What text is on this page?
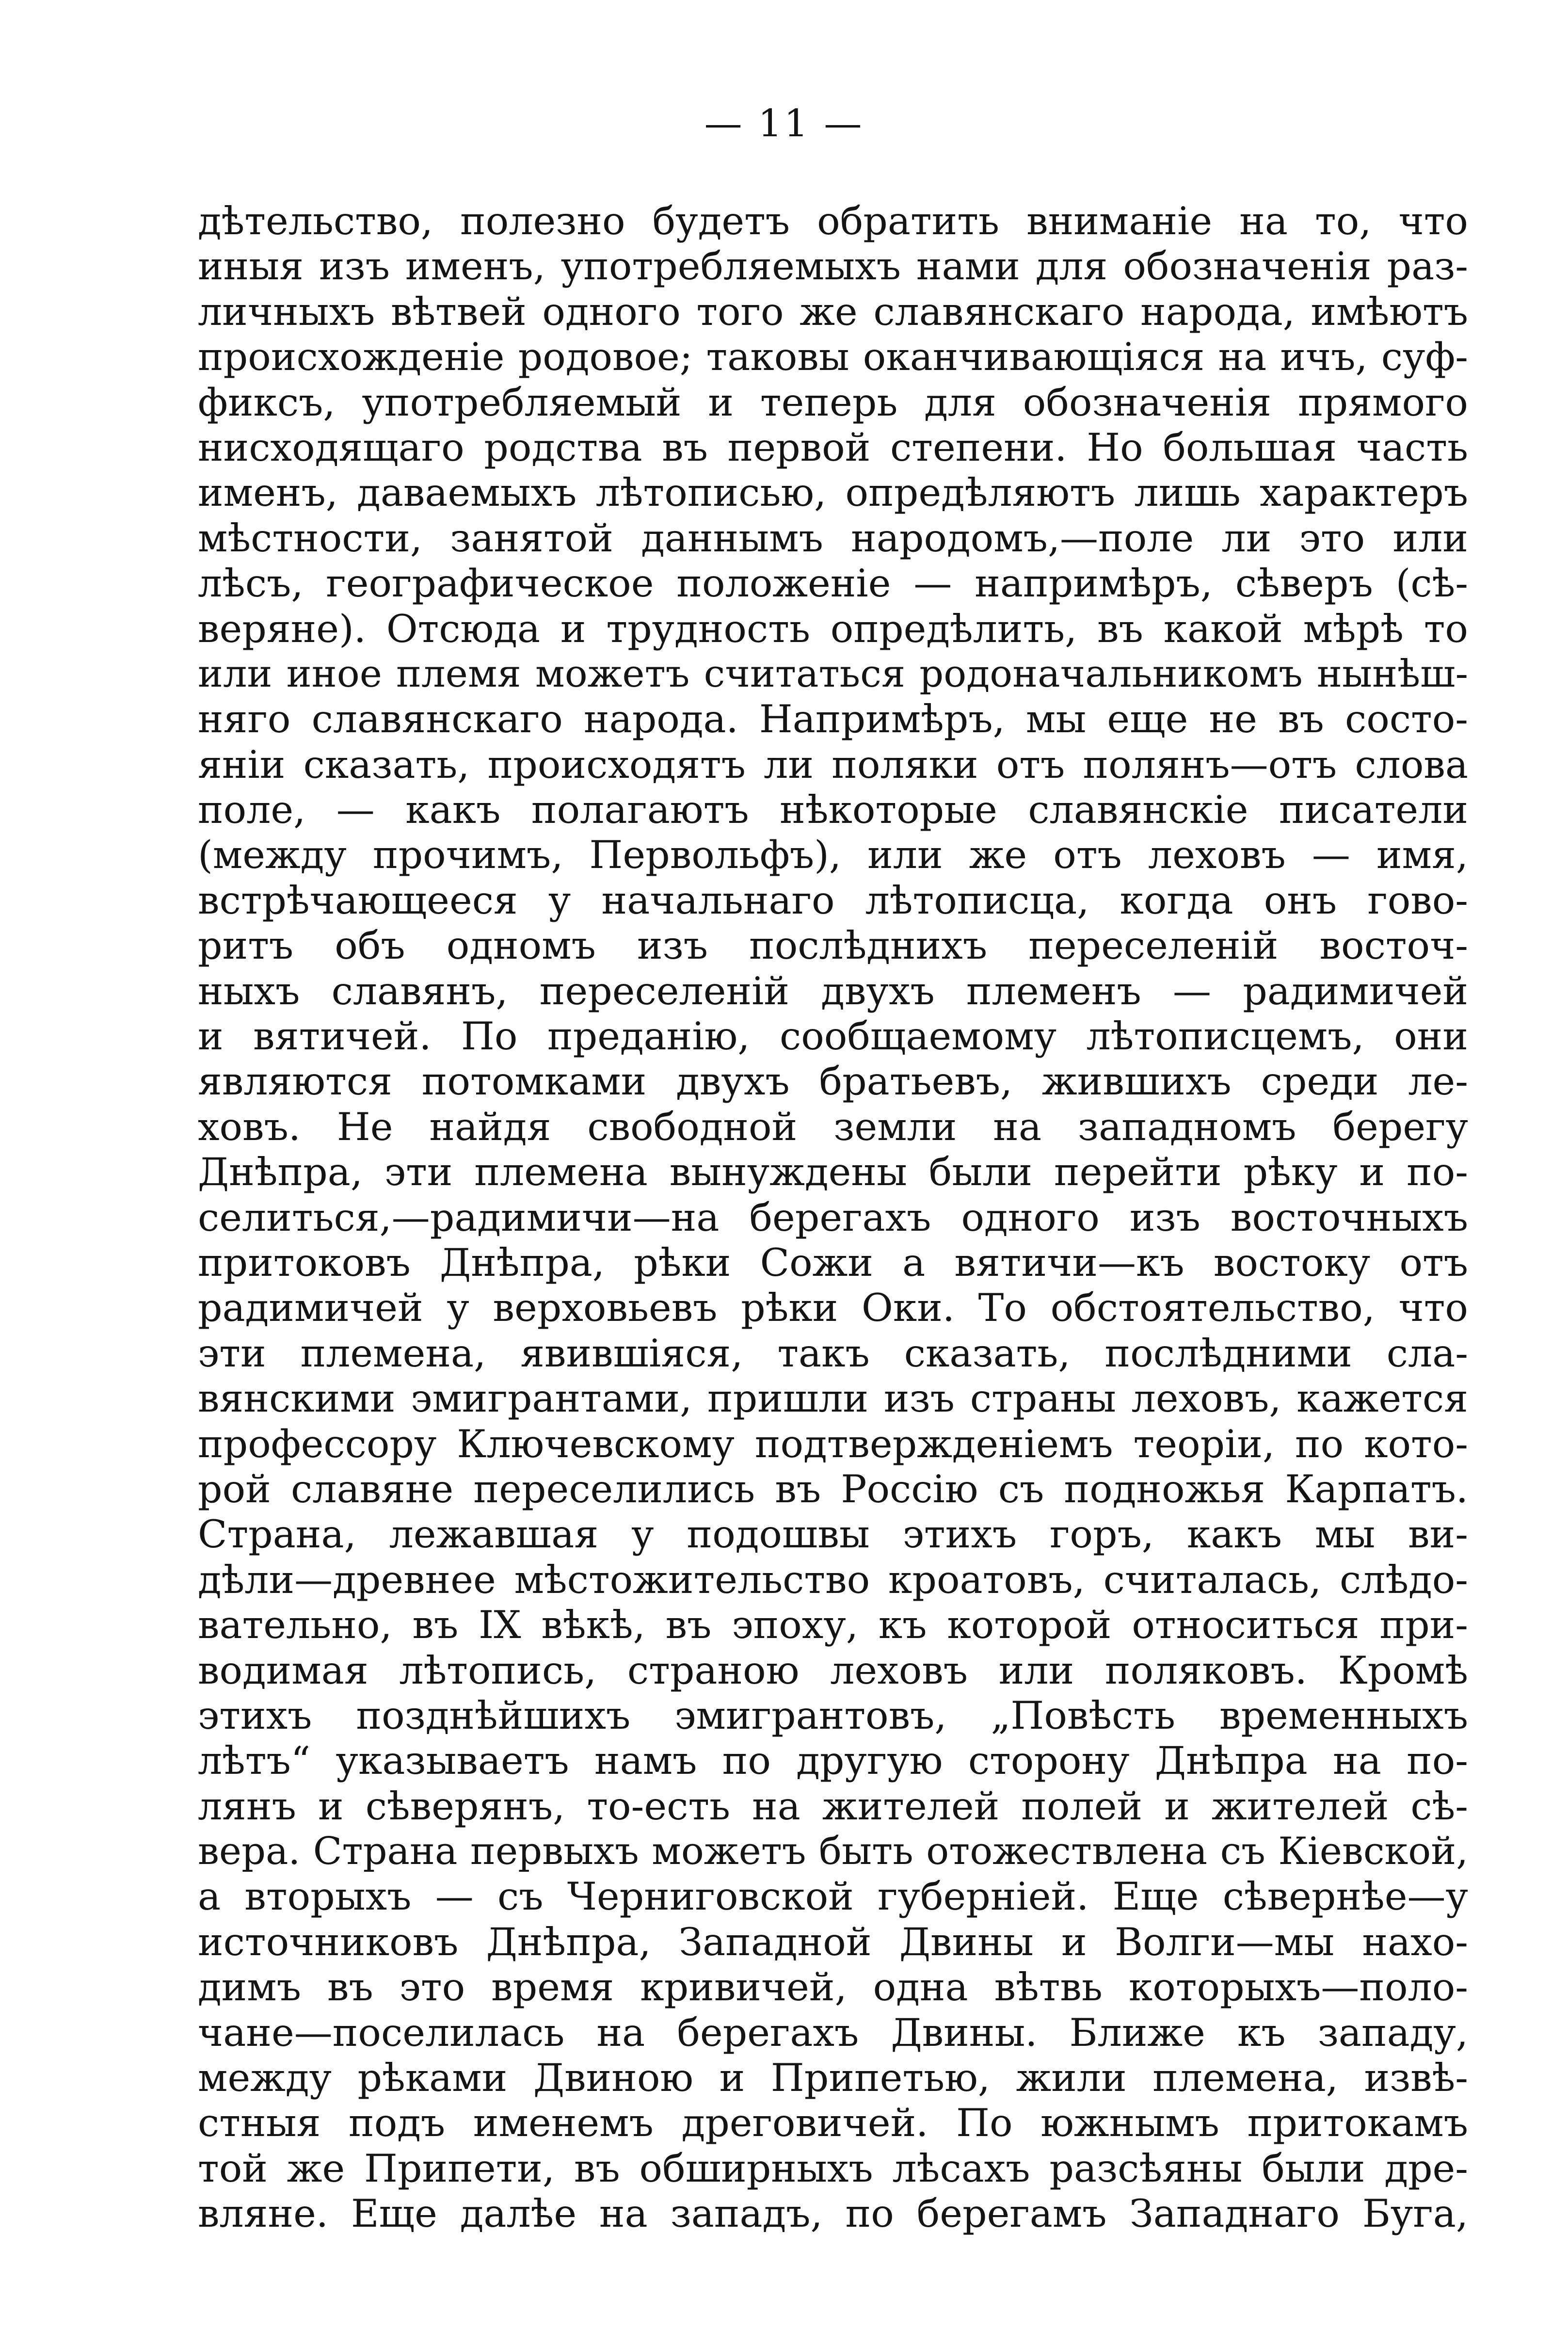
— 11 —
дѣтельство, полезно будетъ обратить вниманіе на то, что
иныя изъ именъ, употребляемыхъ нами для обозначенія раз-
личныхъ вѣтвей одного того же славянскаго народа, имѣютъ
происхожденіе родовое; таковы оканчивающіяся на ичъ, суф-
фиксъ, употребляемый и теперь для обозначенія прямого
нисходящаго родства въ первой степени. Но большая часть
именъ, даваемыхъ лѣтописью, опредѣляютъ лишь характеръ
мѣстности, занятой даннымъ народомъ,—поле ли это или
лѣсъ, географическое положеніе — напримѣръ, сѣверъ (сѣ-
веряне). Отсюда и трудность опредѣлить, въ какой мѣрѣ то
или иное племя можетъ считаться родоначальникомъ нынѣш-
няго славянскаго народа. Напримѣръ, мы еще не въ состо-
яніи сказать, происходятъ ли поляки отъ полянъ—отъ слова
поле, — какъ полагаютъ нѣкоторые славянскіе писатели
(между прочимъ, Первольфъ), или же отъ леховъ — имя,
встрѣчающееся у начальнаго лѣтописца, когда онъ гово-
ритъ объ одномъ изъ послѣднихъ переселеній восточ-
ныхъ славянъ, переселеній двухъ племенъ — радимичей
и вятичей. По преданію, сообщаемому лѣтописцемъ, они
являются потомками двухъ братьевъ, жившихъ среди ле-
ховъ. Не найдя свободной земли на западномъ берегу
Днѣпра, эти племена вынуждены были перейти рѣку и по-
селиться,—радимичи—на берегахъ одного изъ восточныхъ
притоковъ Днѣпра, рѣки Сожи а вятичи—къ востоку отъ
радимичей у верховьевъ рѣки Оки. То обстоятельство, что
эти племена, явившіяся, такъ сказать, послѣдними сла-
вянскими эмигрантами, пришли изъ страны леховъ, кажется
профессору Ключевскому подтвержденіемъ теоріи, по кото-
рой славяне переселились въ Россію съ подножья Карпатъ.
Страна, лежавшая у подошвы этихъ горъ, какъ мы ви-
дѣли—древнее мѣстожительство кроатовъ, считалась, слѣдо-
вательно, въ IX вѣкѣ, въ эпоху, къ которой относиться при-
водимая лѣтопись, страною леховъ или поляковъ. Кромѣ
этихъ позднѣйшихъ эмигрантовъ, „Повѣсть временныхъ
лѣтъ“ указываетъ намъ по другую сторону Днѣпра на по-
лянъ и сѣверянъ, то-есть на жителей полей и жителей сѣ-
вера. Страна первыхъ можетъ быть отожествлена съ Кіевской,
а вторыхъ — съ Черниговской губерніей. Еще сѣвернѣе—у
источниковъ Днѣпра, Западной Двины и Волги—мы нахо-
димъ въ это время кривичей, одна вѣтвь которыхъ—поло-
чане—поселилась на берегахъ Двины. Ближе къ западу,
между рѣками Двиною и Припетью, жили племена, извѣ-
стныя подъ именемъ дреговичей. По южнымъ притокамъ
той же Припети, въ обширныхъ лѣсахъ разсѣяны были дре-
вляне. Еще далѣе на западъ, по берегамъ Западнаго Буга,
